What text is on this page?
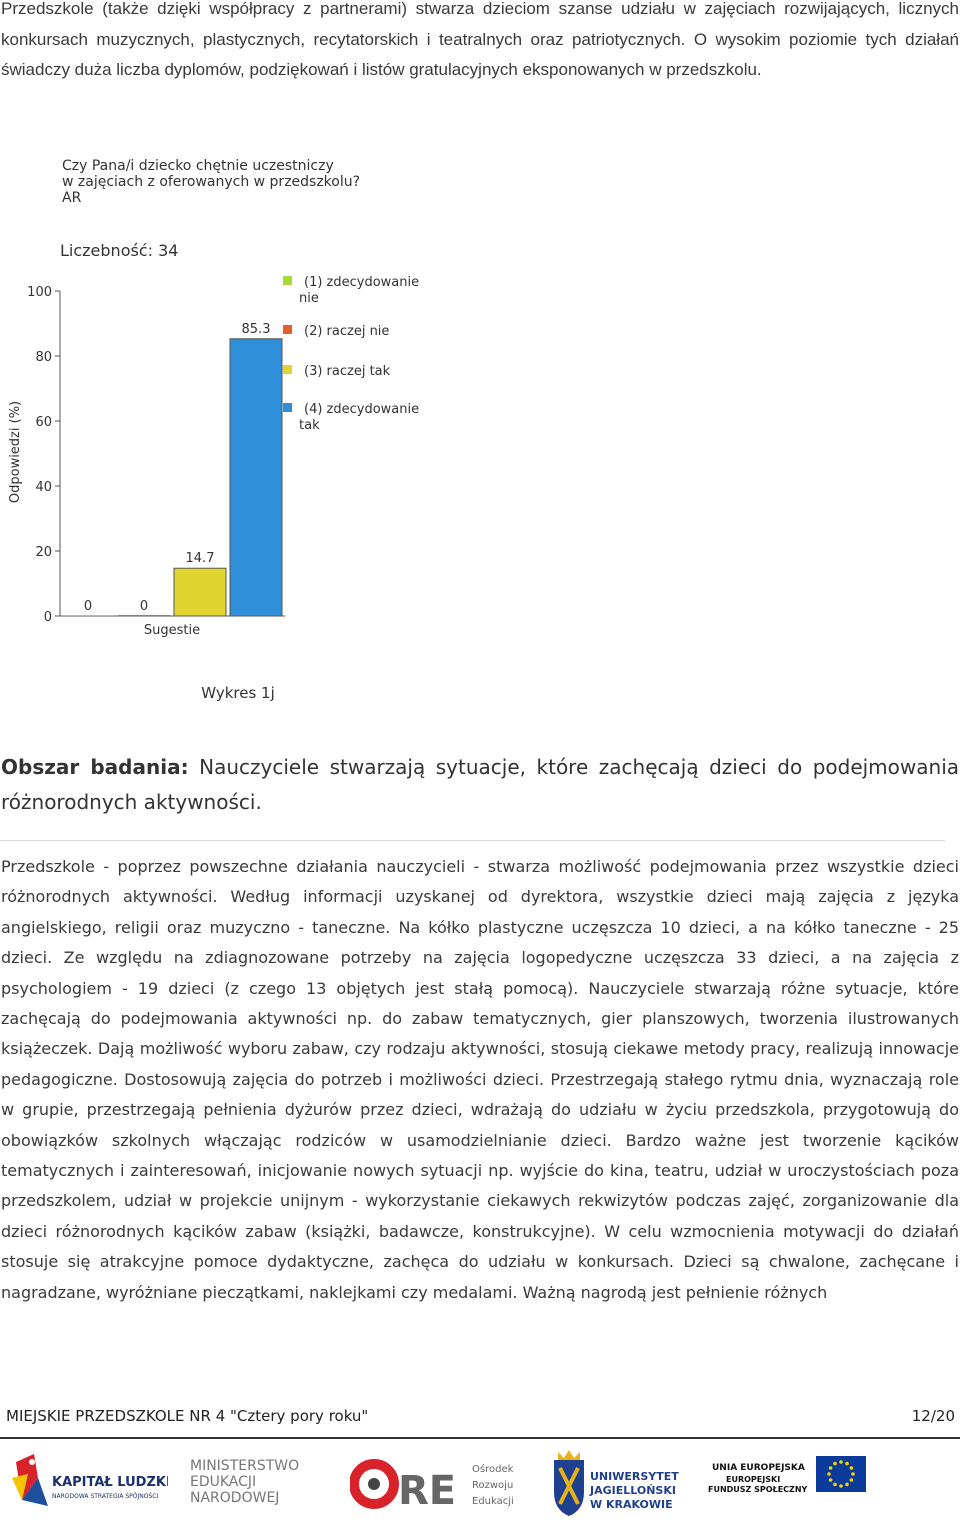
Przedszkole (także dzięki współpracy z partnerami) stwarza dzieciom szanse udziału w zajęciach rozwijających, licznych konkursach muzycznych, plastycznych, recytatorskich i teatralnych oraz patriotycznych. O wysokim poziomie tych działań świadczy duża liczba dyplomów, podziękowań i listów gratulacyjnych eksponowanych w przedszkolu.

Czy Pana/i dziecko chętnie uczestniczy
w zajęciach z oferowanych w przedszkolu?
AR
Liczebność: 34
0
20
40
60
80
100
Odpowiedzi (%)
Sugestie
0	0
14.7
85.3
(1) zdecydowanie
nie
(2) raczej nie
(3) raczej tak
(4) zdecydowanie
tak
Wykres 1j

Obszar badania: Nauczyciele stwarzają sytuacje, które zachęcają dzieci do podejmowania różnorodnych aktywności.

Przedszkole - poprzez powszechne działania nauczycieli - stwarza możliwość podejmowania przez wszystkie dzieci różnorodnych aktywności. Według informacji uzyskanej od dyrektora, wszystkie dzieci mają zajęcia z języka angielskiego, religii oraz muzyczno - taneczne. Na kółko plastyczne uczęszcza 10 dzieci, a na kółko taneczne - 25 dzieci. Ze względu na zdiagnozowane potrzeby na zajęcia logopedyczne uczęszcza 33 dzieci, a na zajęcia z psychologiem - 19 dzieci (z czego 13 objętych jest stałą pomocą). Nauczyciele stwarzają różne sytuacje, które zachęcają do podejmowania aktywności np. do zabaw tematycznych, gier planszowych, tworzenia ilustrowanych książeczek. Dają możliwość wyboru zabaw, czy rodzaju aktywności, stosują ciekawe metody pracy, realizują innowacje pedagogiczne. Dostosowują zajęcia do potrzeb i możliwości dzieci. Przestrzegają stałego rytmu dnia, wyznaczają role w grupie, przestrzegają pełnienia dyżurów przez dzieci, wdrażają do udziału w życiu przedszkola, przygotowują do obowiązków szkolnych włączając rodziców w usamodzielnianie dzieci. Bardzo ważne jest tworzenie kącików tematycznych i zainteresowań, inicjowanie nowych sytuacji np. wyjście do kina, teatru, udział w uroczystościach poza przedszkolem, udział w projekcie unijnym - wykorzystanie ciekawych rekwizytów podczas zajęć, zorganizowanie dla dzieci różnorodnych kącików zabaw (książki, badawcze, konstrukcyjne). W celu wzmocnienia motywacji do działań stosuje się atrakcyjne pomoce dydaktyczne, zachęca do udziału w konkursach. Dzieci są chwalone, zachęcane i nagradzane, wyróżniane pieczątkami, naklejkami czy medalami. Ważną nagrodą jest pełnienie różnych

MIEJSKIE PRZEDSZKOLE NR 4 "Cztery pory roku"	12/20
KAPITAŁ LUDZKI
NARODOWA STRATEGIA SPÓJNOŚCI
MINISTERSTWO
EDUKACJI
NARODOWEJ	RE Ośrodek
Rozwoju
Edukacji
UNIWERSYTET
JAGIELLOŃSKI
W KRAKOWIE
UNIA EUROPEJSKA
EUROPEJSKI
FUNDUSZ SPOŁECZNY
